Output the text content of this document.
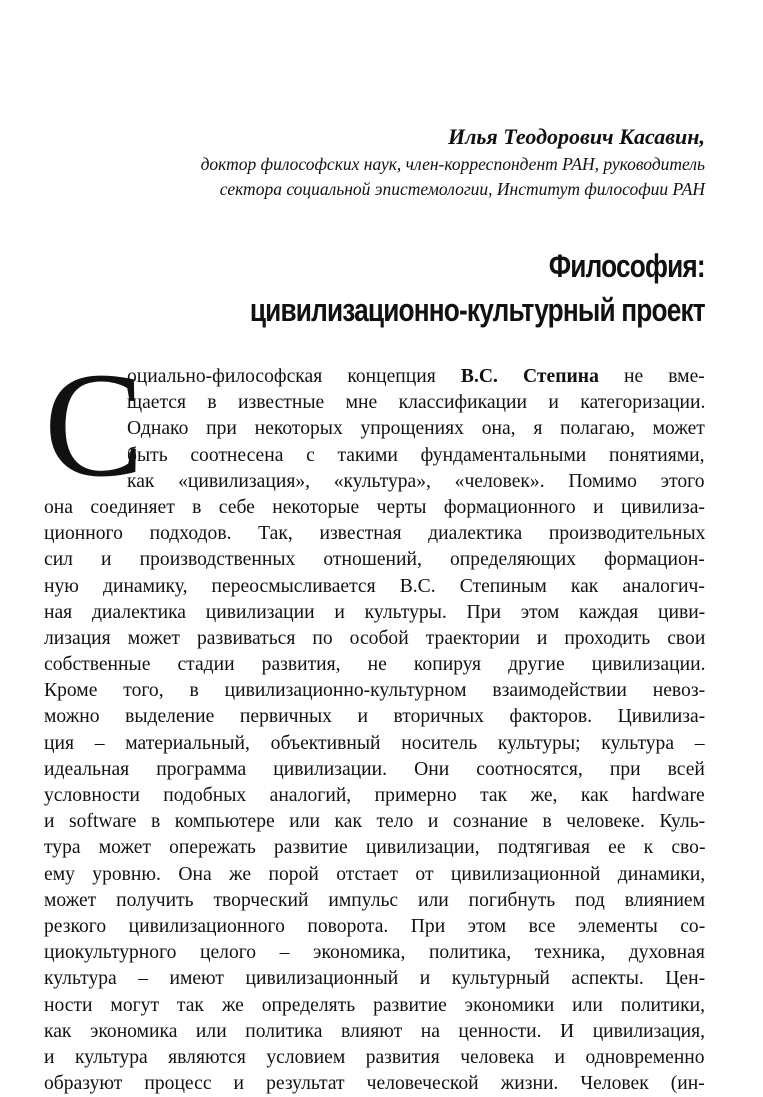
Илья Теодорович Касавин,
доктор философских наук, член-корреспондент РАН, руководитель
сектора социальной эпистемологии, Институт философии РАН
Философия:
цивилизационно-культурный проект
С
оциально-философская концепция В.С. Степина не вме-
щается в известные мне классификации и категоризации.
Однако при некоторых упрощениях она, я полагаю, может
быть соотнесена с такими фундаментальными понятиями,
как «цивилизация», «культура», «человек». Помимо этого
она соединяет в себе некоторые черты формационного и цивилиза-
ционного подходов. Так, известная диалектика производительных
сил и производственных отношений, определяющих формацион-
ную динамику, переосмысливается В.С. Степиным как аналогич-
ная диалектика цивилизации и культуры. При этом каждая циви-
лизация может развиваться по особой траектории и проходить свои
собственные стадии развития, не копируя другие цивилизации.
Кроме того, в цивилизационно-культурном взаимодействии невоз-
можно выделение первичных и вторичных факторов. Цивилиза-
ция – материальный, объективный носитель культуры; культура –
идеальная программа цивилизации. Они соотносятся, при всей
условности подобных аналогий, примерно так же, как hardware
и software в компьютере или как тело и сознание в человеке. Куль-
тура может опережать развитие цивилизации, подтягивая ее к сво-
ему уровню. Она же порой отстает от цивилизационной динамики,
может получить творческий импульс или погибнуть под влиянием
резкого цивилизационного поворота. При этом все элементы со-
циокультурного целого – экономика, политика, техника, духовная
культура – имеют цивилизационный и культурный аспекты. Цен-
ности могут так же определять развитие экономики или политики,
как экономика или политика влияют на ценности. И цивилизация,
и культура являются условием развития человека и одновременно
образуют процесс и результат человеческой жизни. Человек (ин-
